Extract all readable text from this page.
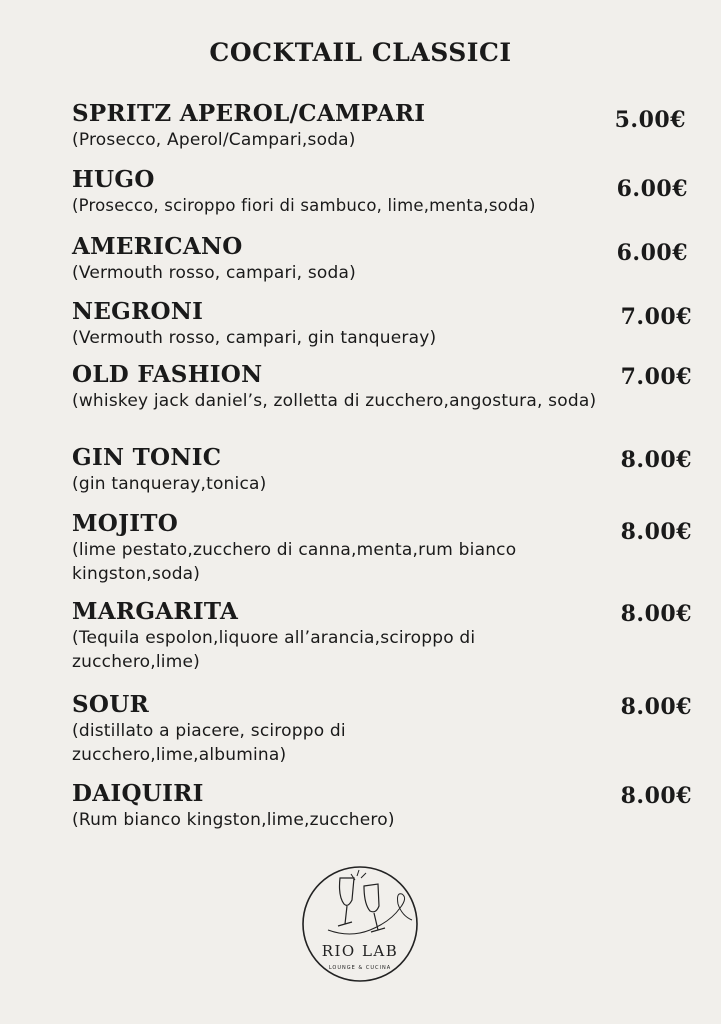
COCKTAIL CLASSICI
SPRITZ APEROL/CAMPARI
(Prosecco, Aperol/Campari,soda)
5.00€
HUGO
(Prosecco, sciroppo fiori di sambuco, lime,menta,soda)
6.00€
AMERICANO
(Vermouth rosso, campari, soda)
6.00€
NEGRONI
(Vermouth rosso, campari, gin tanqueray)
7.00€
OLD FASHION
(whiskey jack daniel’s, zolletta di zucchero,angostura, soda)
7.00€
GIN TONIC
(gin tanqueray,tonica)
8.00€
MOJITO
(lime pestato,zucchero di canna,menta,rum bianco kingston,soda)
8.00€
MARGARITA
(Tequila espolon,liquore all’arancia,sciroppo di zucchero,lime)
8.00€
SOUR
(distillato a piacere, sciroppo di zucchero,lime,albumina)
8.00€
DAIQUIRI
(Rum bianco kingston,lime,zucchero)
8.00€
RIO LAB
LOUNGE & CUCINA
